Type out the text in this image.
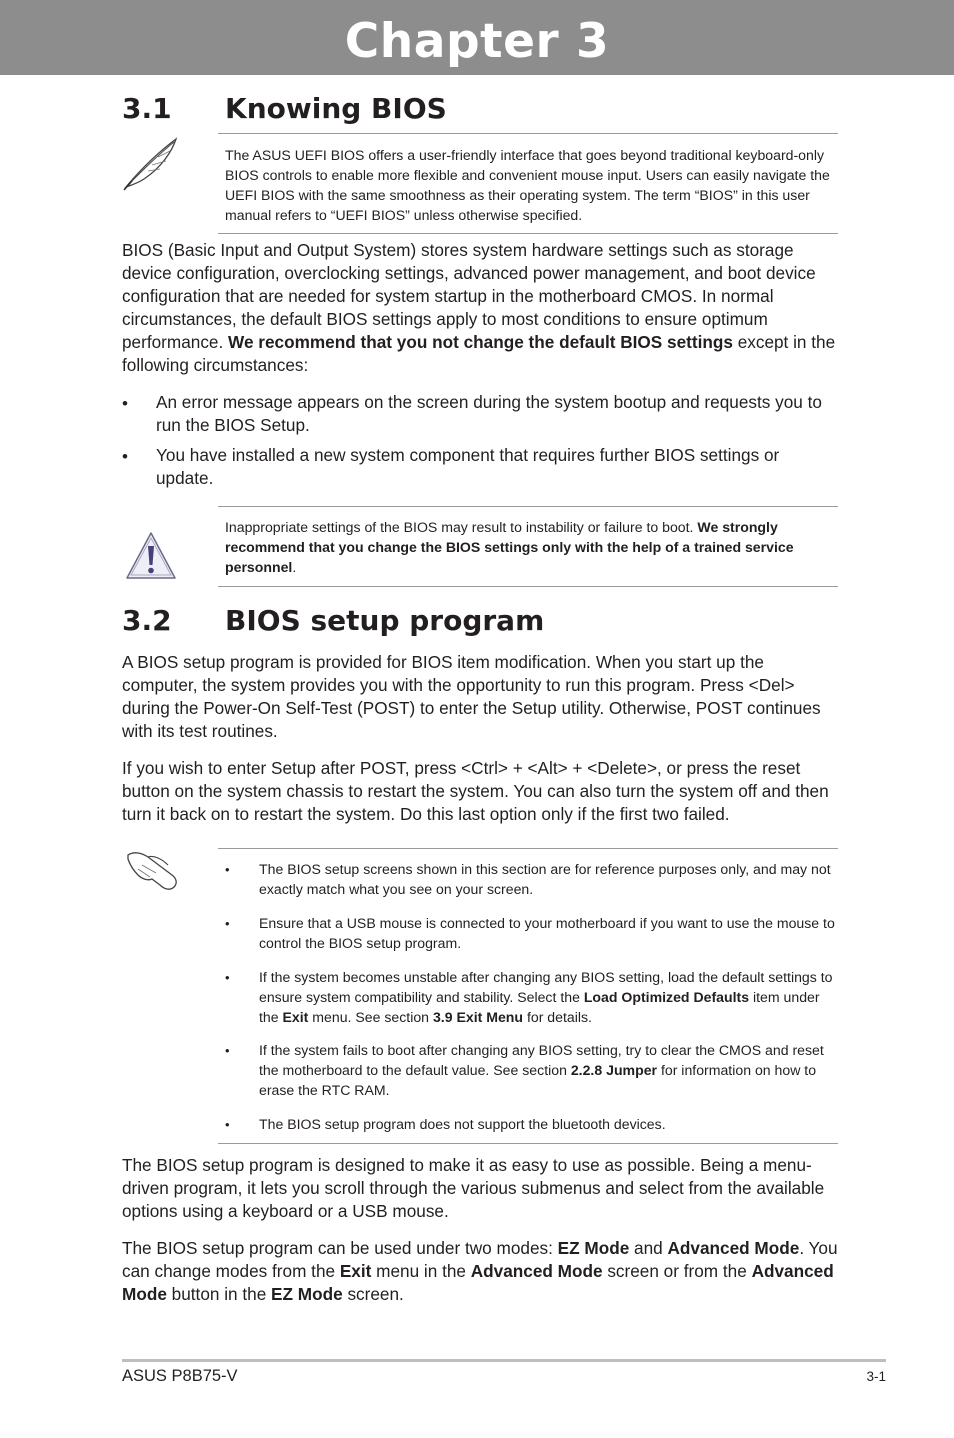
Chapter 3
3.1 Knowing BIOS

The ASUS UEFI BIOS offers a user-friendly interface that goes beyond traditional keyboard-only BIOS controls to enable more flexible and convenient mouse input. Users can easily navigate the UEFI BIOS with the same smoothness as their operating system. The term “BIOS” in this user manual refers to “UEFI BIOS” unless otherwise specified.

BIOS (Basic Input and Output System) stores system hardware settings such as storage device configuration, overclocking settings, advanced power management, and boot device configuration that are needed for system startup in the motherboard CMOS. In normal circumstances, the default BIOS settings apply to most conditions to ensure optimum performance. We recommend that you not change the default BIOS settings except in the following circumstances:

• An error message appears on the screen during the system bootup and requests you to run the BIOS Setup.

• You have installed a new system component that requires further BIOS settings or update.

Inappropriate settings of the BIOS may result to instability or failure to boot. We strongly recommend that you change the BIOS settings only with the help of a trained service personnel.

3.2 BIOS setup program

A BIOS setup program is provided for BIOS item modification. When you start up the computer, the system provides you with the opportunity to run this program. Press <Del> during the Power-On Self-Test (POST) to enter the Setup utility. Otherwise, POST continues with its test routines.

If you wish to enter Setup after POST, press <Ctrl> + <Alt> + <Delete>, or press the reset button on the system chassis to restart the system. You can also turn the system off and then turn it back on to restart the system. Do this last option only if the first two failed.

• The BIOS setup screens shown in this section are for reference purposes only, and may not exactly match what you see on your screen.

• Ensure that a USB mouse is connected to your motherboard if you want to use the mouse to control the BIOS setup program.

• If the system becomes unstable after changing any BIOS setting, load the default settings to ensure system compatibility and stability. Select the Load Optimized Defaults item under the Exit menu. See section 3.9 Exit Menu for details.

• If the system fails to boot after changing any BIOS setting, try to clear the CMOS and reset the motherboard to the default value. See section 2.2.8 Jumper for information on how to erase the RTC RAM.

• The BIOS setup program does not support the bluetooth devices.

The BIOS setup program is designed to make it as easy to use as possible. Being a menu-driven program, it lets you scroll through the various submenus and select from the available options using a keyboard or a USB mouse.

The BIOS setup program can be used under two modes: EZ Mode and Advanced Mode. You can change modes from the Exit menu in the Advanced Mode screen or from the Advanced Mode button in the EZ Mode screen.

ASUS P8B75-V	3-1
